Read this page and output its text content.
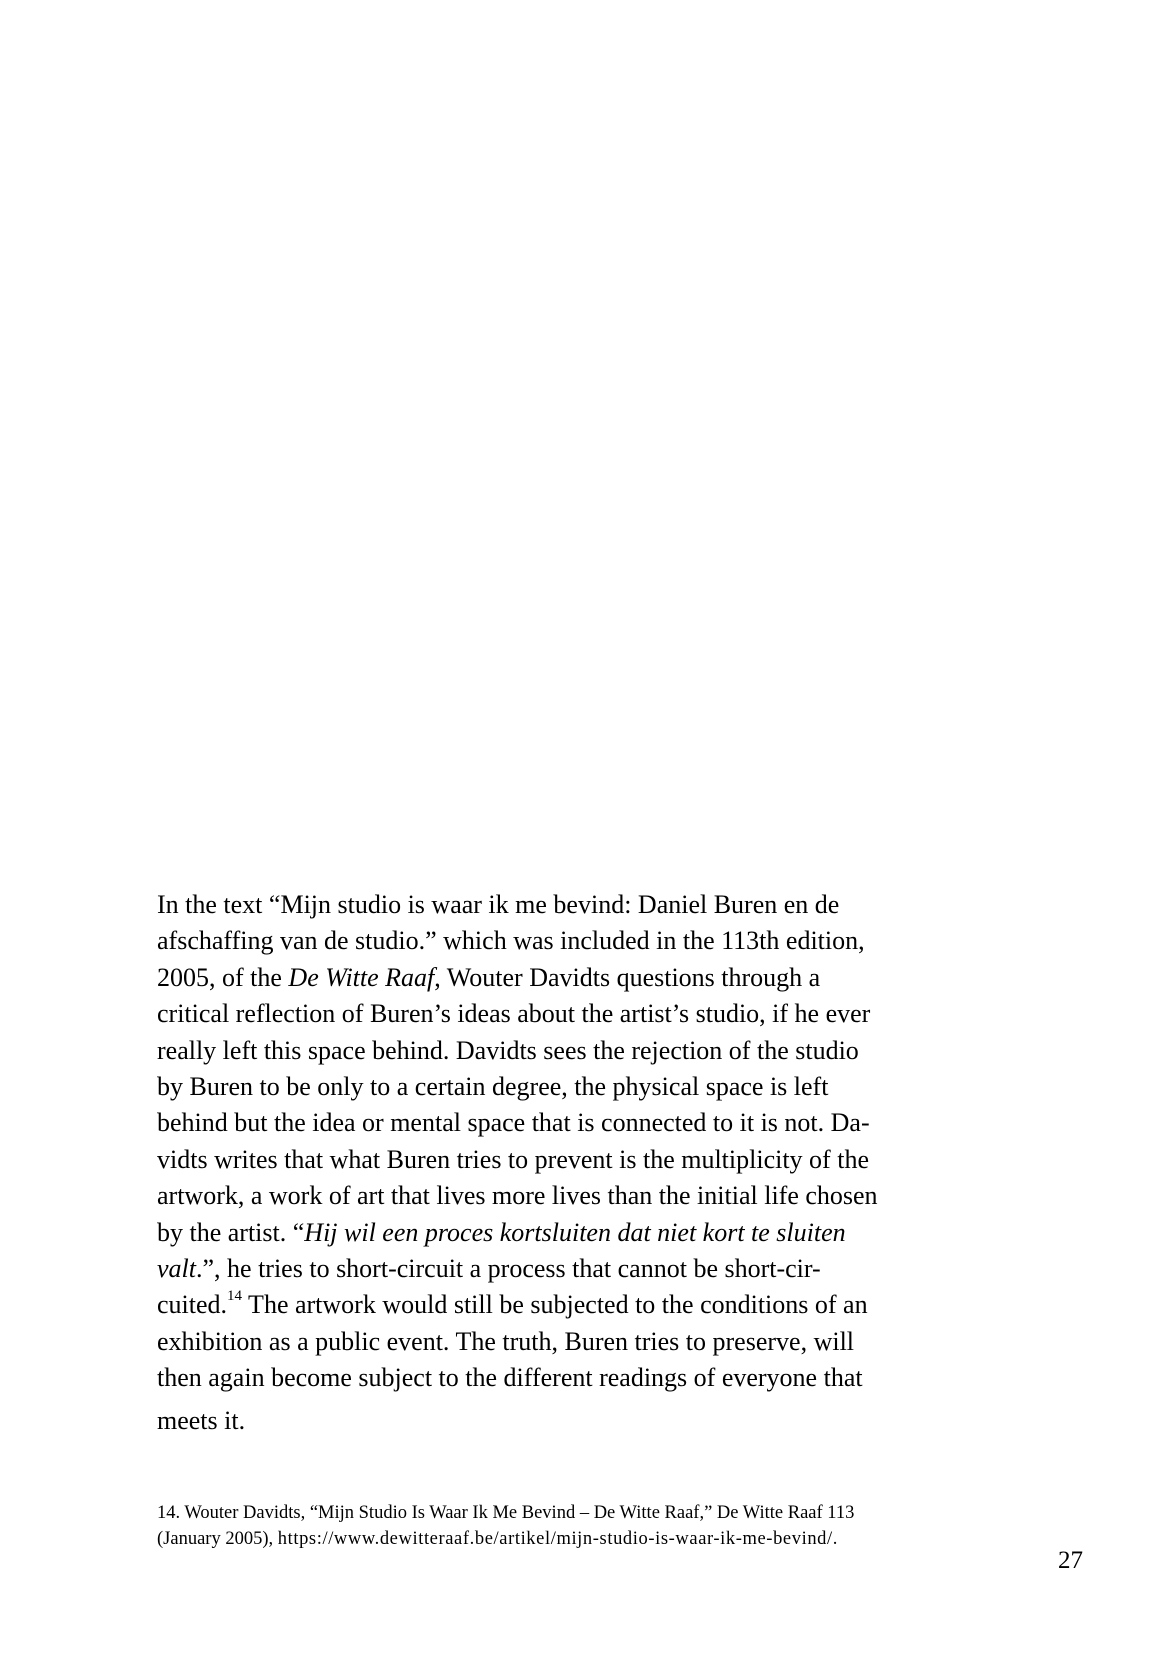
In the text “Mijn studio is waar ik me bevind: Daniel Buren en de
afschaffing van de studio.” which was included in the 113th edition,
2005, of the De Witte Raaf, Wouter Davidts questions through a
critical reflection of Buren’s ideas about the artist’s studio, if he ever
really left this space behind. Davidts sees the rejection of the studio
by Buren to be only to a certain degree, the physical space is left
behind but the idea or mental space that is connected to it is not. Da-
vidts writes that what Buren tries to prevent is the multiplicity of the
artwork, a work of art that lives more lives than the initial life chosen
by the artist. “Hij wil een proces kortsluiten dat niet kort te sluiten
valt.”, he tries to short-circuit a process that cannot be short-cir-
cuited.$^{14}$ The artwork would still be subjected to the conditions of an
exhibition as a public event. The truth, Buren tries to preserve, will
then again become subject to the different readings of everyone that
meets it.

14. Wouter Davidts, “Mijn Studio Is Waar Ik Me Bevind – De Witte Raaf,” De Witte Raaf 113
(January 2005), https://www.dewitteraaf.be/artikel/mijn-studio-is-waar-ik-me-bevind/.

27
